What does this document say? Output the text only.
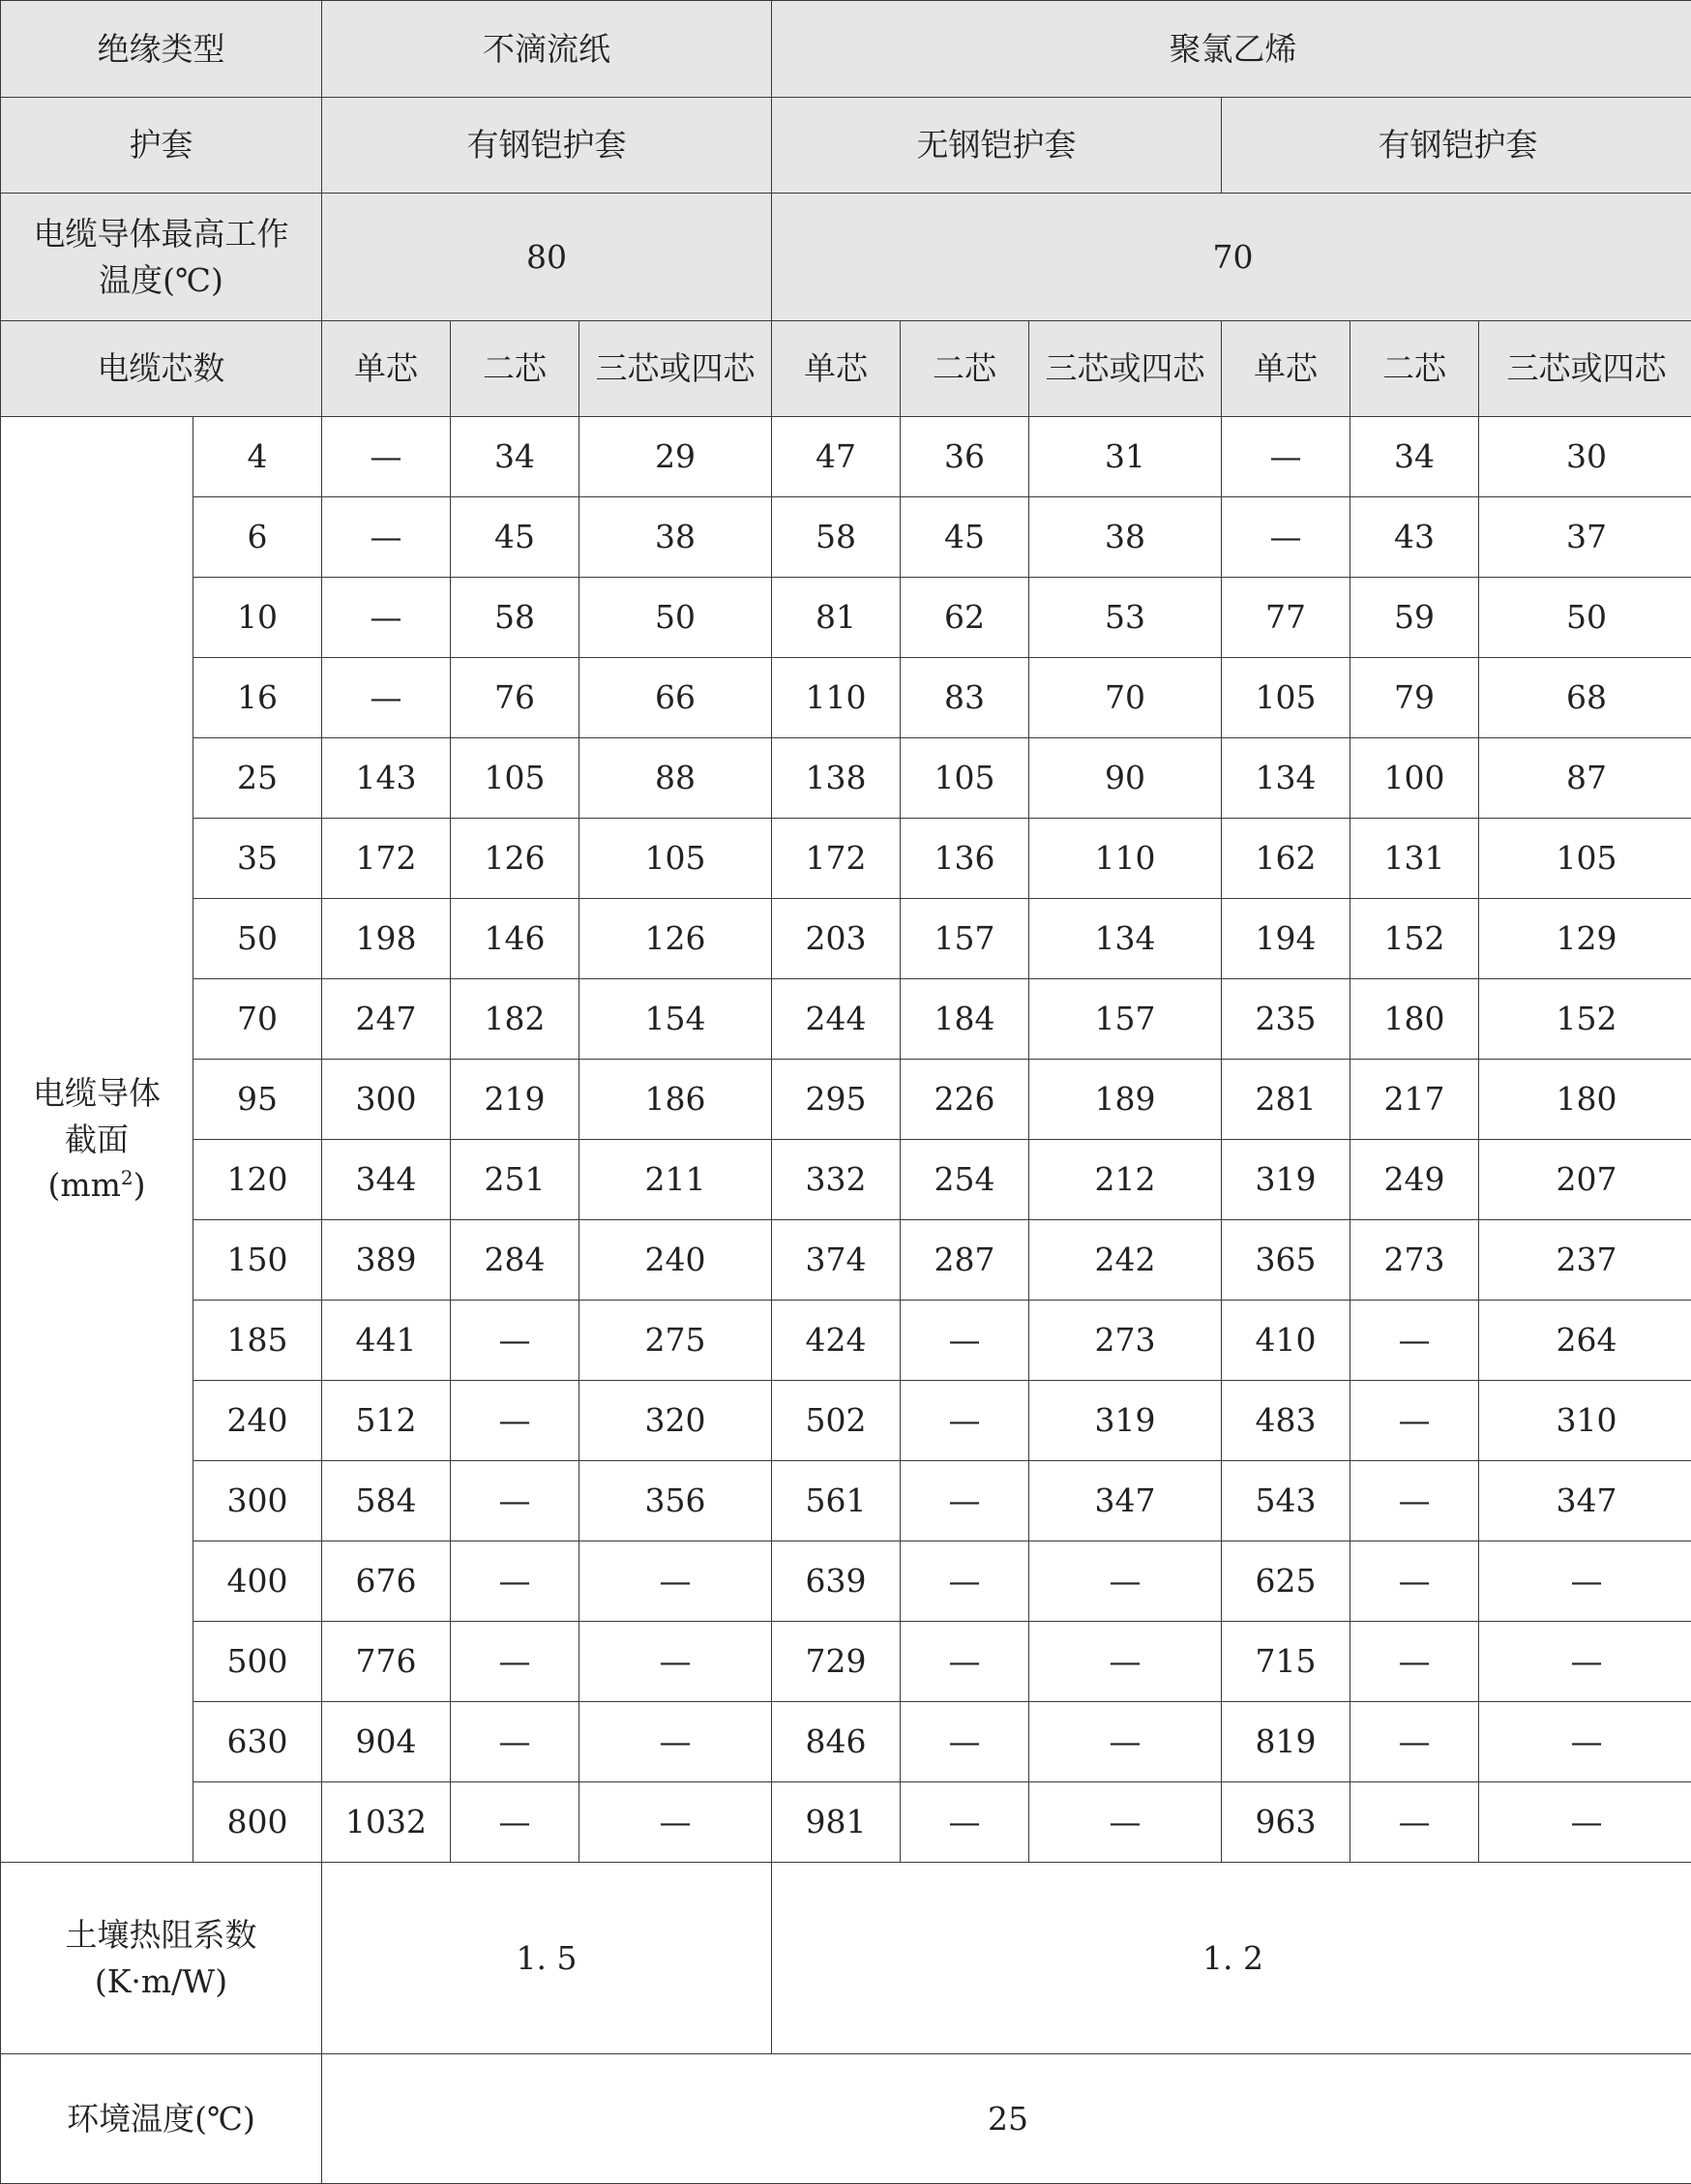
绝缘类型		不滴流纸			聚氯乙烯					
护套		有钢铠护套			无钢铠护套			有钢铠护套		

电缆导体最高工作
温度(℃)		80			70					
电缆芯数		单芯	二芯	三芯或四芯	单芯	二芯	三芯或四芯	单芯	二芯	三芯或四芯

电缆导体
截面
$(mm^2)$	4	—	34	29	47	36	31	—	34	30
	6	—	45	38	58	45	38	—	43	37
	10	—	58	50	81	62	53	77	59	50
	16	—	76	66	110	83	70	105	79	68
	25	143	105	88	138	105	90	134	100	87
	35	172	126	105	172	136	110	162	131	105
	50	198	146	126	203	157	134	194	152	129
	70	247	182	154	244	184	157	235	180	152
	95	300	219	186	295	226	189	281	217	180
	120	344	251	211	332	254	212	319	249	207
	150	389	284	240	374	287	242	365	273	237
	185	441	—	275	424	—	273	410	—	264
	240	512	—	320	502	—	319	483	—	310
	300	584	—	356	561	—	347	543	—	347
	400	676	—	—	639	—	—	625	—	—
	500	776	—	—	729	—	—	715	—	—
	630	904	—	—	846	—	—	819	—	—
	800	1032	—	—	981	—	—	963	—	—

土壤热阻系数
(K·m/W)		1. 5			1. 2					
环境温度(℃)		25								
